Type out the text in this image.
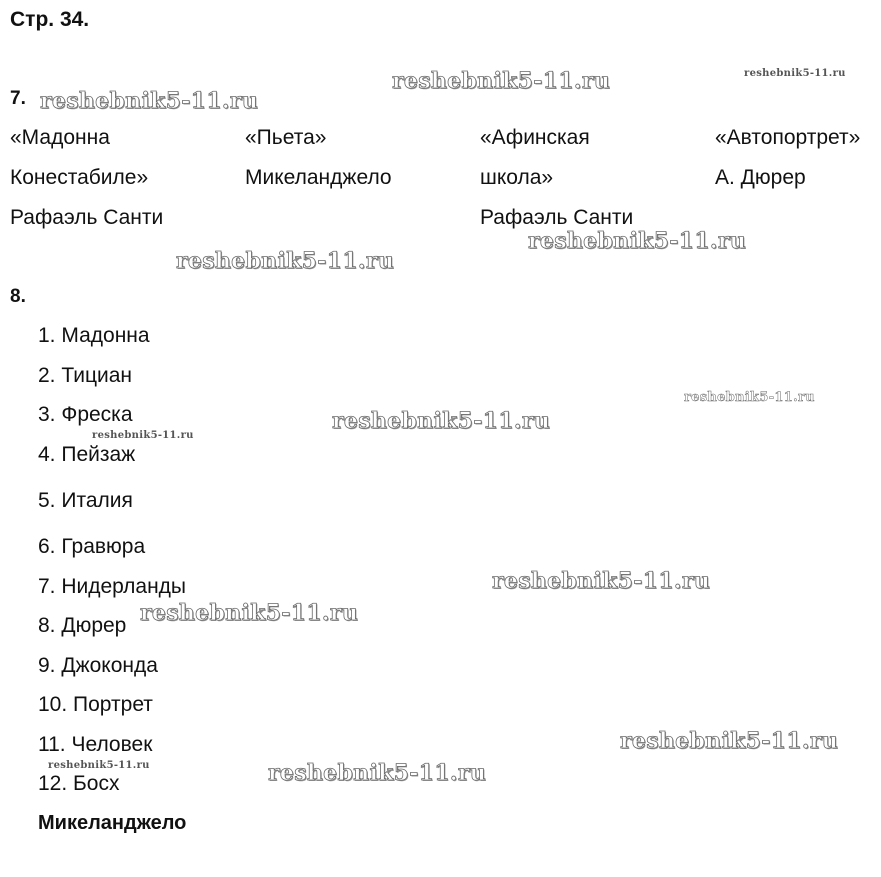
Стр. 34.
7.
«Мадонна
Конестабиле»
Рафаэль Санти
«Пьета»
Микеланджело
«Афинская
школа»
Рафаэль Санти
«Автопортрет»
А. Дюрер
8.
1. Мадонна
2. Тициан
3. Фреска
4. Пейзаж
5. Италия
6. Гравюра
7. Нидерланды
8. Дюрер
9. Джоконда
10. Портрет
11. Человек
12. Босх
Микеланджело
reshebnik5-11.ru	reshebnik5-11.ru
reshebnik5-11.ru
reshebnik5-11.ru
reshebnik5-11.ru
reshebnik5-11.ru
reshebnik5-11.ru
reshebnik5-11.ru
reshebnik5-11.ru
reshebnik5-11.ru
reshebnik5-11.ru
reshebnik5-11.ru	reshebnik5-11.ru
